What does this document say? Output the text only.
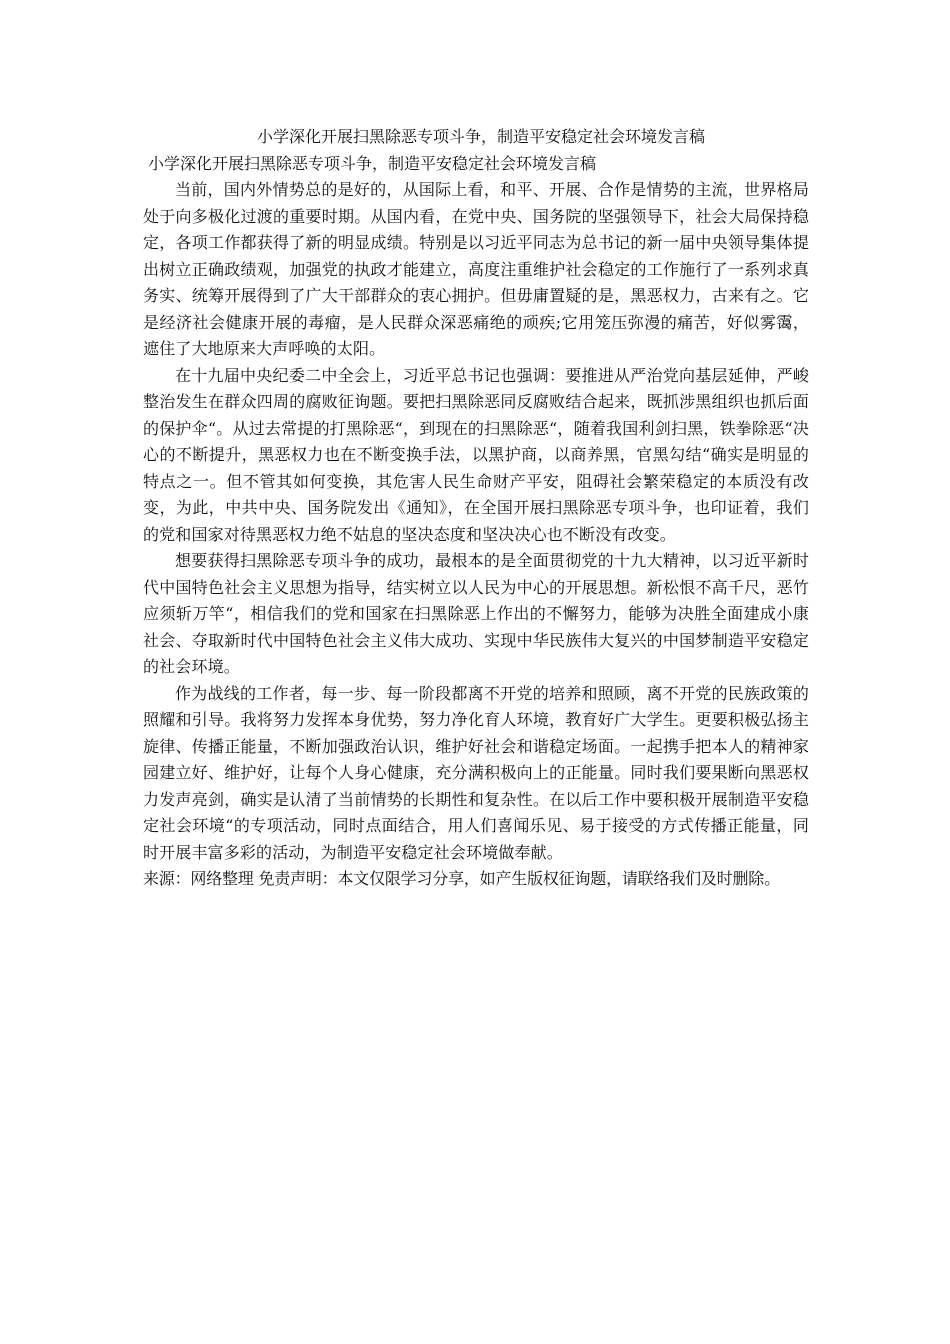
小学深化开展扫黑除恶专项斗争，制造平安稳定社会环境发言稿
小学深化开展扫黑除恶专项斗争，制造平安稳定社会环境发言稿

当前，国内外情势总的是好的，从国际上看，和平、开展、合作是情势的主流，世界格局处于向多极化过渡的重要时期。从国内看，在党中央、国务院的坚强领导下，社会大局保持稳定，各项工作都获得了新的明显成绩。特别是以习近平同志为总书记的新一届中央领导集体提出树立正确政绩观，加强党的执政才能建立，高度注重维护社会稳定的工作施行了一系列求真务实、统筹开展得到了广大干部群众的衷心拥护。但毋庸置疑的是，黑恶权力，古来有之。它是经济社会健康开展的毒瘤，是人民群众深恶痛绝的顽疾;它用笼压弥漫的痛苦，好似雾霭，遮住了大地原来大声呼唤的太阳。

在十九届中央纪委二中全会上，习近平总书记也强调：要推进从严治党向基层延伸，严峻整治发生在群众四周的腐败征询题。要把扫黑除恶同反腐败结合起来，既抓涉黑组织也抓后面的保护伞“。从过去常提的打黑除恶“，到现在的扫黑除恶“，随着我国利剑扫黑，铁拳除恶“决心的不断提升，黑恶权力也在不断变换手法，以黑护商，以商养黑，官黑勾结“确实是明显的特点之一。但不管其如何变换，其危害人民生命财产平安，阻碍社会繁荣稳定的本质没有改变，为此，中共中央、国务院发出《通知》，在全国开展扫黑除恶专项斗争，也印证着，我们的党和国家对待黑恶权力绝不姑息的坚决态度和坚决决心也不断没有改变。

想要获得扫黑除恶专项斗争的成功，最根本的是全面贯彻党的十九大精神，以习近平新时代中国特色社会主义思想为指导，结实树立以人民为中心的开展思想。新松恨不高千尺，恶竹应须斩万竿“，相信我们的党和国家在扫黑除恶上作出的不懈努力，能够为决胜全面建成小康社会、夺取新时代中国特色社会主义伟大成功、实现中华民族伟大复兴的中国梦制造平安稳定的社会环境。

作为战线的工作者，每一步、每一阶段都离不开党的培养和照顾，离不开党的民族政策的照耀和引导。我将努力发挥本身优势，努力净化育人环境，教育好广大学生。更要积极弘扬主旋律、传播正能量，不断加强政治认识，维护好社会和谐稳定场面。一起携手把本人的精神家园建立好、维护好，让每个人身心健康，充分满积极向上的正能量。同时我们要果断向黑恶权力发声亮剑，确实是认清了当前情势的长期性和复杂性。在以后工作中要积极开展制造平安稳定社会环境“的专项活动，同时点面结合，用人们喜闻乐见、易于接受的方式传播正能量，同时开展丰富多彩的活动，为制造平安稳定社会环境做奉献。

来源：网络整理 免责声明：本文仅限学习分享，如产生版权征询题，请联络我们及时删除。
